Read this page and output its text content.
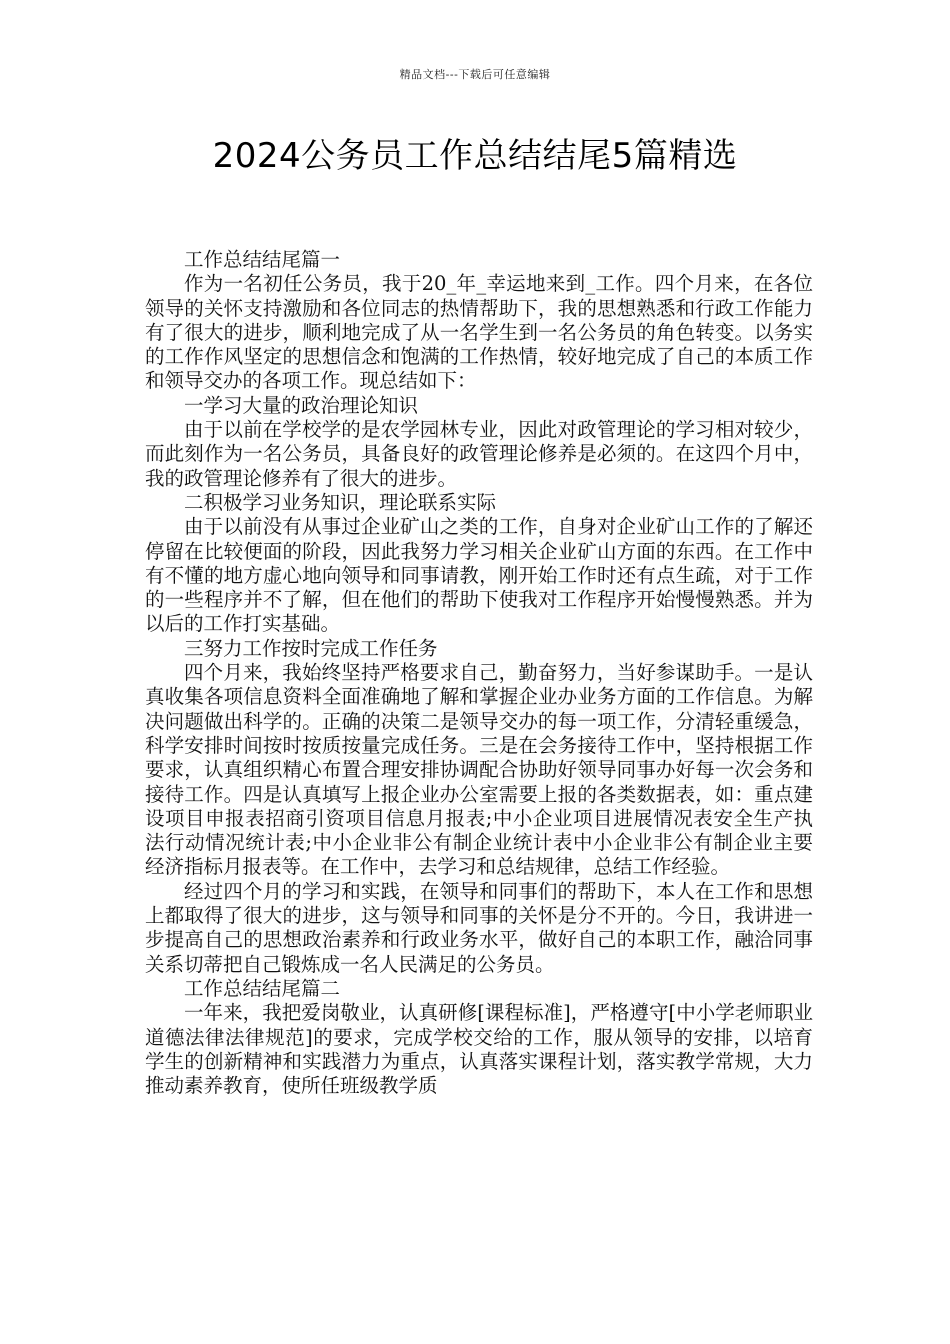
精品文档---下载后可任意编辑
2024公务员工作总结结尾5篇精选

工作总结结尾篇一

作为一名初任公务员，我于20_年_幸运地来到_工作。四个月来，在各位领导的关怀支持激励和各位同志的热情帮助下，我的思想熟悉和行政工作能力有了很大的进步，顺利地完成了从一名学生到一名公务员的角色转变。以务实的工作作风坚定的思想信念和饱满的工作热情，较好地完成了自己的本质工作和领导交办的各项工作。现总结如下：

一学习大量的政治理论知识

由于以前在学校学的是农学园林专业，因此对政管理论的学习相对较少，而此刻作为一名公务员，具备良好的政管理论修养是必须的。在这四个月中，我的政管理论修养有了很大的进步。

二积极学习业务知识，理论联系实际

由于以前没有从事过企业矿山之类的工作，自身对企业矿山工作的了解还停留在比较便面的阶段，因此我努力学习相关企业矿山方面的东西。在工作中有不懂的地方虚心地向领导和同事请教，刚开始工作时还有点生疏，对于工作的一些程序并不了解，但在他们的帮助下使我对工作程序开始慢慢熟悉。并为以后的工作打实基础。

三努力工作按时完成工作任务

四个月来，我始终坚持严格要求自己，勤奋努力，当好参谋助手。一是认真收集各项信息资料全面准确地了解和掌握企业办业务方面的工作信息。为解决问题做出科学的。正确的决策二是领导交办的每一项工作，分清轻重缓急，科学安排时间按时按质按量完成任务。三是在会务接待工作中，坚持根据工作要求，认真组织精心布置合理安排协调配合协助好领导同事办好每一次会务和接待工作。四是认真填写上报企业办公室需要上报的各类数据表，如：重点建设项目申报表招商引资项目信息月报表;中小企业项目进展情况表安全生产执法行动情况统计表;中小企业非公有制企业统计表中小企业非公有制企业主要经济指标月报表等。在工作中，去学习和总结规律，总结工作经验。

经过四个月的学习和实践，在领导和同事们的帮助下，本人在工作和思想上都取得了很大的进步，这与领导和同事的关怀是分不开的。今日，我讲进一步提高自己的思想政治素养和行政业务水平，做好自己的本职工作，融洽同事关系切蒂把自己锻炼成一名人民满足的公务员。

工作总结结尾篇二

一年来，我把爱岗敬业，认真研修[课程标准]，严格遵守[中小学老师职业道德法律法律规范]的要求，完成学校交给的工作，服从领导的安排，以培育学生的创新精神和实践潜力为重点，认真落实课程计划，落实教学常规，大力推动素养教育，使所任班级教学质
